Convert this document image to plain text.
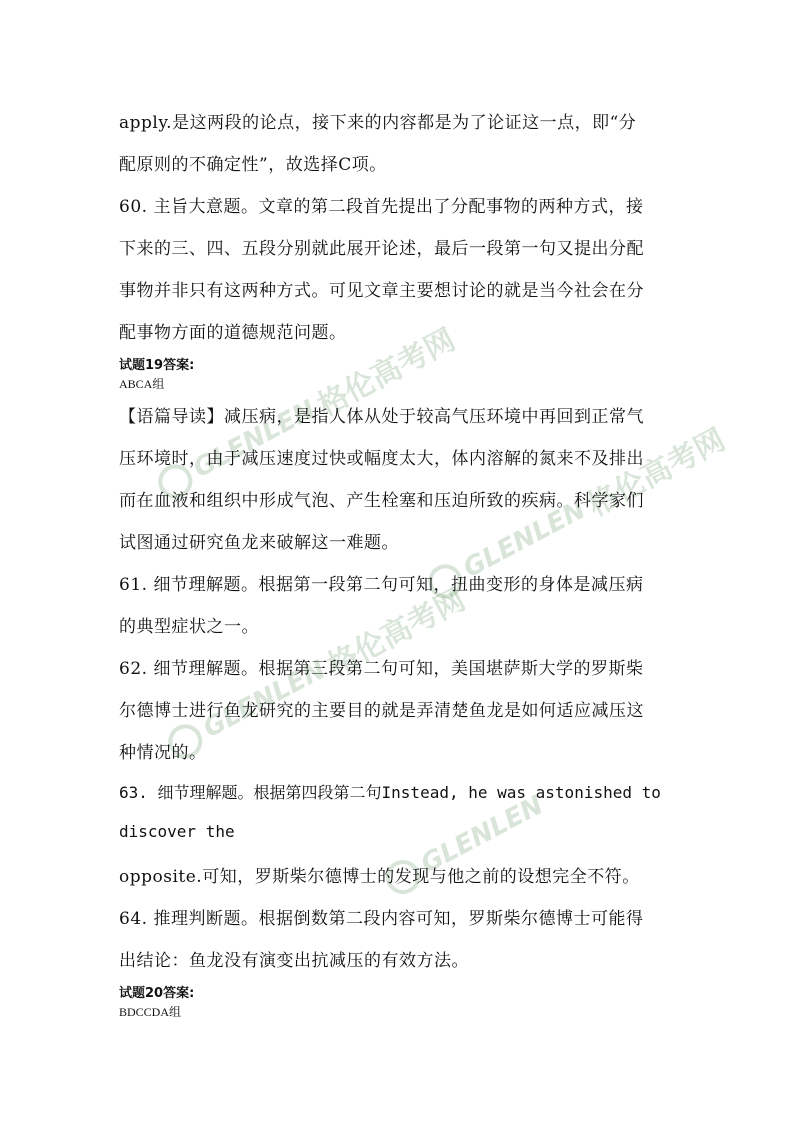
GLENLEN格伦高考网
GLENLEN格伦高考网
GLENLEN格伦高考网
GLENLEN
apply.是这两段的论点，接下来的内容都是为了论证这一点，即“分
配原则的不确定性”，故选择C项。
60. 主旨大意题。文章的第二段首先提出了分配事物的两种方式，接
下来的三、四、五段分别就此展开论述，最后一段第一句又提出分配
事物并非只有这两种方式。可见文章主要想讨论的就是当今社会在分
配事物方面的道德规范问题。
试题19答案:
ABCA组
【语篇导读】减压病，是指人体从处于较高气压环境中再回到正常气
压环境时，由于减压速度过快或幅度太大，体内溶解的氮来不及排出
而在血液和组织中形成气泡、产生栓塞和压迫所致的疾病。科学家们
试图通过研究鱼龙来破解这一难题。
61. 细节理解题。根据第一段第二句可知，扭曲变形的身体是减压病
的典型症状之一。
62. 细节理解题。根据第三段第二句可知，美国堪萨斯大学的罗斯柴
尔德博士进行鱼龙研究的主要目的就是弄清楚鱼龙是如何适应减压这
种情况的。
63. 细节理解题。根据第四段第二句Instead, he was astonished to
discover the
opposite.可知，罗斯柴尔德博士的发现与他之前的设想完全不符。
64. 推理判断题。根据倒数第二段内容可知，罗斯柴尔德博士可能得
出结论：鱼龙没有演变出抗减压的有效方法。
试题20答案:
BDCCDA组
